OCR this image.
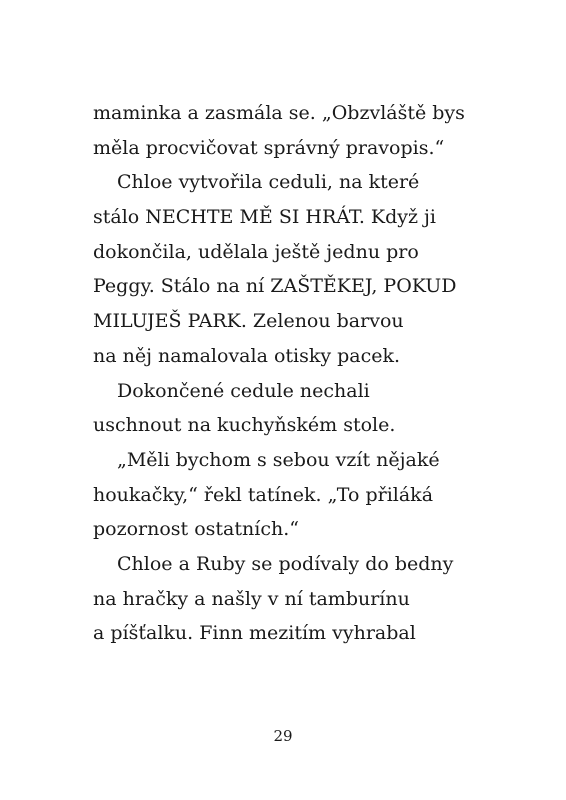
maminka a zasmála se. „Obzvláště bys
měla procvičovat správný pravopis.“
Chloe vytvořila ceduli, na které
stálo NECHTE MĚ SI HRÁT. Když ji
dokončila, udělala ještě jednu pro
Peggy. Stálo na ní ZAŠTĚKEJ, POKUD
MILUJEŠ PARK. Zelenou barvou
na něj namalovala otisky pacek.
Dokončené cedule nechali
uschnout na kuchyňském stole.
„Měli bychom s sebou vzít nějaké
houkačky,“ řekl tatínek. „To přiláká
pozornost ostatních.“
Chloe a Ruby se podívaly do bedny
na hračky a našly v ní tamburínu
a píšťalku. Finn mezitím vyhrabal
29
